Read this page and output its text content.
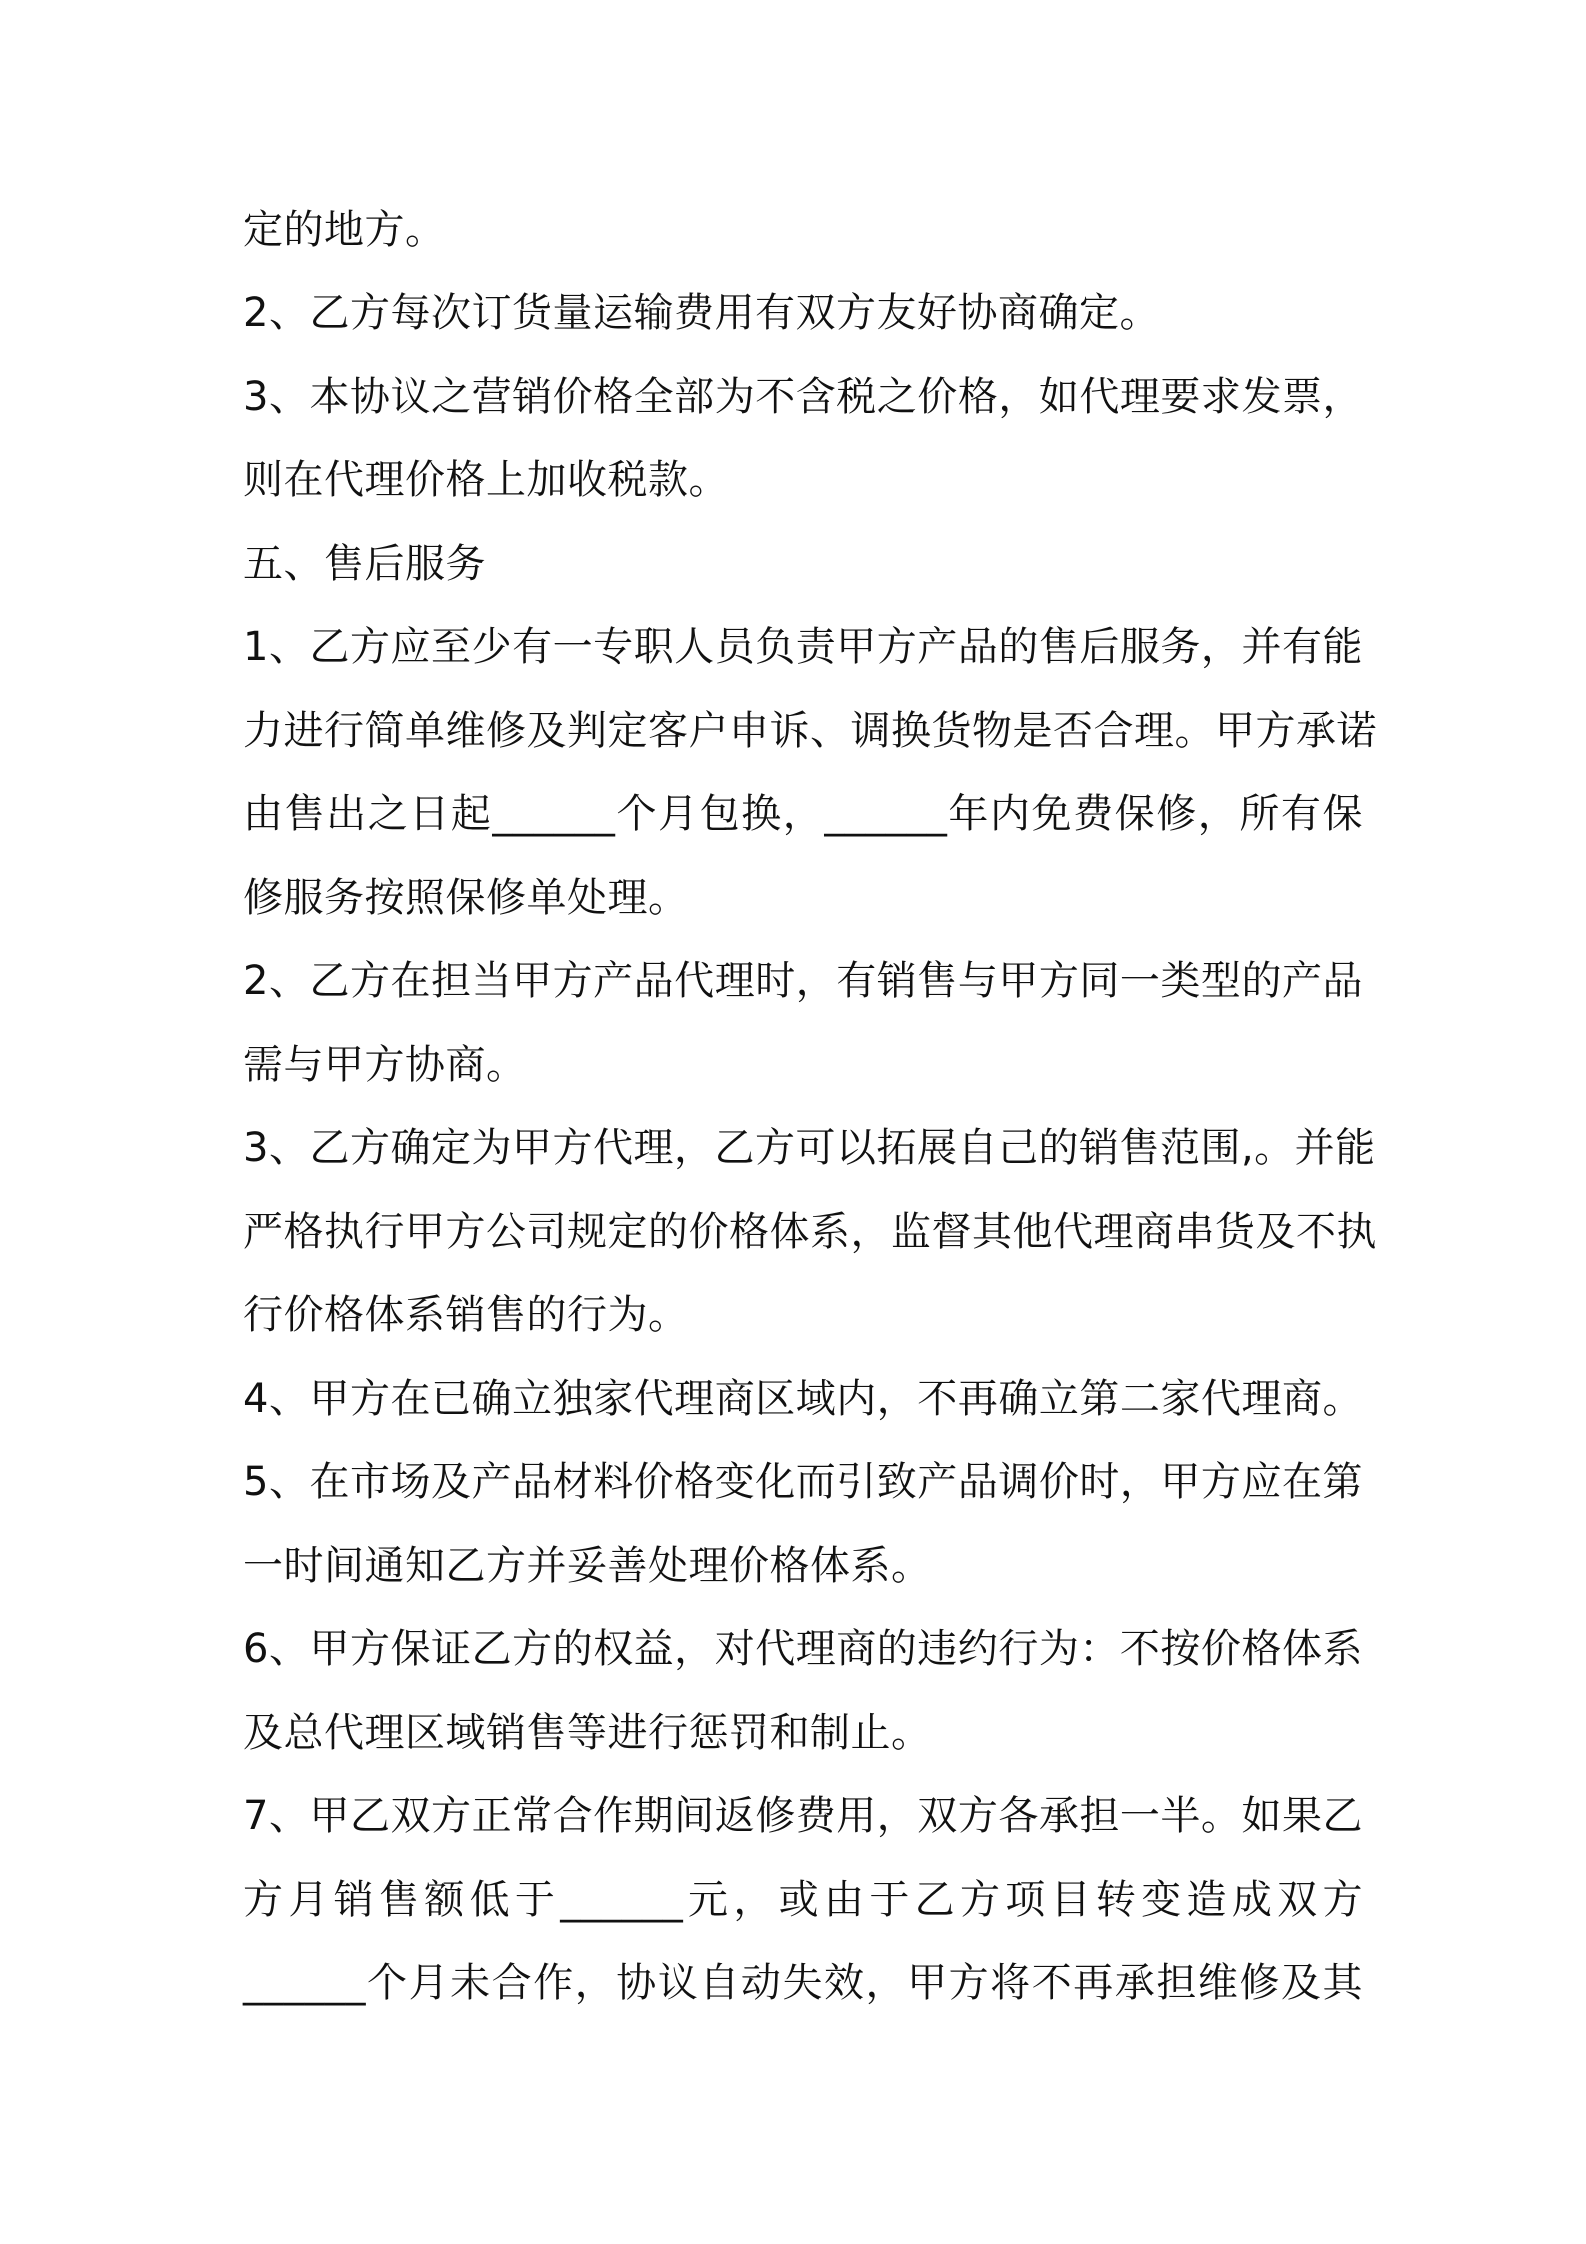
定的地方。
2、乙方每次订货量运输费用有双方友好协商确定。
3、本协议之营销价格全部为不含税之价格，如代理要求发票，
则在代理价格上加收税款。
五、售后服务
1、乙方应至少有一专职人员负责甲方产品的售后服务，并有能
力进行简单维修及判定客户申诉、调换货物是否合理。甲方承诺
由售出之日起______个月包换，______年内免费保修，所有保
修服务按照保修单处理。
2、乙方在担当甲方产品代理时，有销售与甲方同一类型的产品
需与甲方协商。
3、乙方确定为甲方代理，乙方可以拓展自己的销售范围,。并能
严格执行甲方公司规定的价格体系，监督其他代理商串货及不执
行价格体系销售的行为。
4、甲方在已确立独家代理商区域内，不再确立第二家代理商。
5、在市场及产品材料价格变化而引致产品调价时，甲方应在第
一时间通知乙方并妥善处理价格体系。
6、甲方保证乙方的权益，对代理商的违约行为：不按价格体系
及总代理区域销售等进行惩罚和制止。
7、甲乙双方正常合作期间返修费用，双方各承担一半。如果乙
方月销售额低于______元，或由于乙方项目转变造成双方
______个月未合作，协议自动失效，甲方将不再承担维修及其
